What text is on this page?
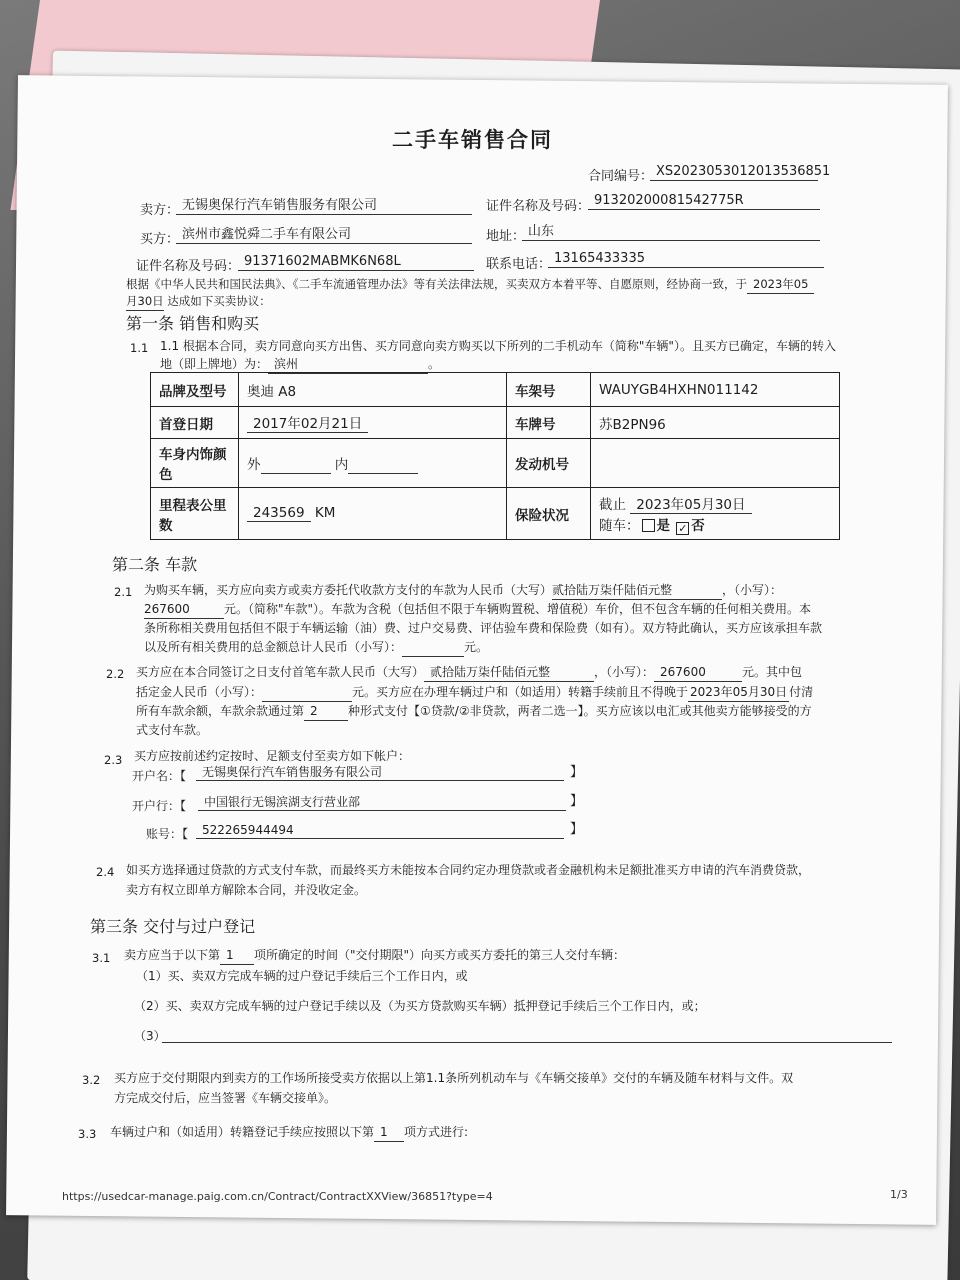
二手车销售合同
合同编号： XS2023053012013536851
卖方： 无锡奥保行汽车销售服务有限公司	证件名称及号码： 91320200081542775R
买方： 滨州市鑫悦舜二手车有限公司	地址： 山东
证件名称及号码： 91371602MABMK6N68L	联系电话： 13165433335
根据《中华人民共和国民法典》、《二手车流通管理办法》等有关法律法规，买卖双方本着平等、自愿原则，经协商一致，于 2023年05
月30日 达成如下买卖协议：
第一条 销售和购买
1.1 1.1 根据本合同，卖方同意向买方出售、买方同意向卖方购买以下所列的二手机动车（简称"车辆"）。且买方已确定，车辆的转入
地（即上牌地）为： 滨州	。
品牌及型号	奥迪 A8	车架号	WAUYGB4HXHN011142
首登日期	2017年02月21日	车牌号	苏B2PN96
车身内饰颜色	外 内	发动机号	
里程表公里数	243569 KM	保险状况	截止 2023年05月30日
随车： 是 ✓ 否
第二条 车款
2.1 为购买车辆，买方应向卖方或卖方委托代收款方支付的车款为人民币（大写）贰拾陆万柒仟陆佰元整	，（小写）：
267600	元。（简称"车款"）。车款为含税（包括但不限于车辆购置税、增值税）车价，但不包含车辆的任何相关费用。本
条所称相关费用包括但不限于车辆运输（油）费、过户交易费、评估验车费和保险费（如有）。双方特此确认，买方应该承担车款
以及所有相关费用的总金额总计人民币（小写）：	元。
2.2 买方应在本合同签订之日支付首笔车款人民币（大写） 贰拾陆万柒仟陆佰元整	，（小写）： 267600	元。其中包
括定金人民币（小写）：	元。买方应在办理车辆过户和（如适用）转籍手续前且不得晚于 2023年05月30日 付清
所有车款余额，车款余款通过第 2	种形式支付【①贷款/②非贷款，两者二选一】。买方应该以电汇或其他卖方能够接受的方
式支付车款。
2.3 买方应按前述约定按时、足额支付至卖方如下帐户：
开户名：【	无锡奥保行汽车销售服务有限公司	】
开户行：【	中国银行无锡滨湖支行营业部	】
账号：【	522265944494	】
2.4 如买方选择通过贷款的方式支付车款，而最终买方未能按本合同约定办理贷款或者金融机构未足额批准买方申请的汽车消费贷款，
卖方有权立即单方解除本合同，并没收定金。
第三条 交付与过户登记
3.1 卖方应当于以下第 1 项所确定的时间（"交付期限"）向买方或买方委托的第三人交付车辆：
（1）买、卖双方完成车辆的过户登记手续后三个工作日内，或
（2）买、卖双方完成车辆的过户登记手续以及（为买方贷款购买车辆）抵押登记手续后三个工作日内，或；
（3）
3.2 买方应于交付期限内到卖方的工作场所接受卖方依据以上第1.1条所列机动车与《车辆交接单》交付的车辆及随车材料与文件。双
方完成交付后，应当签署《车辆交接单》。
3.3 车辆过户和（如适用）转籍登记手续应按照以下第 1 项方式进行:
https://usedcar-manage.paig.com.cn/Contract/ContractXXView/36851?type=4	1/3
